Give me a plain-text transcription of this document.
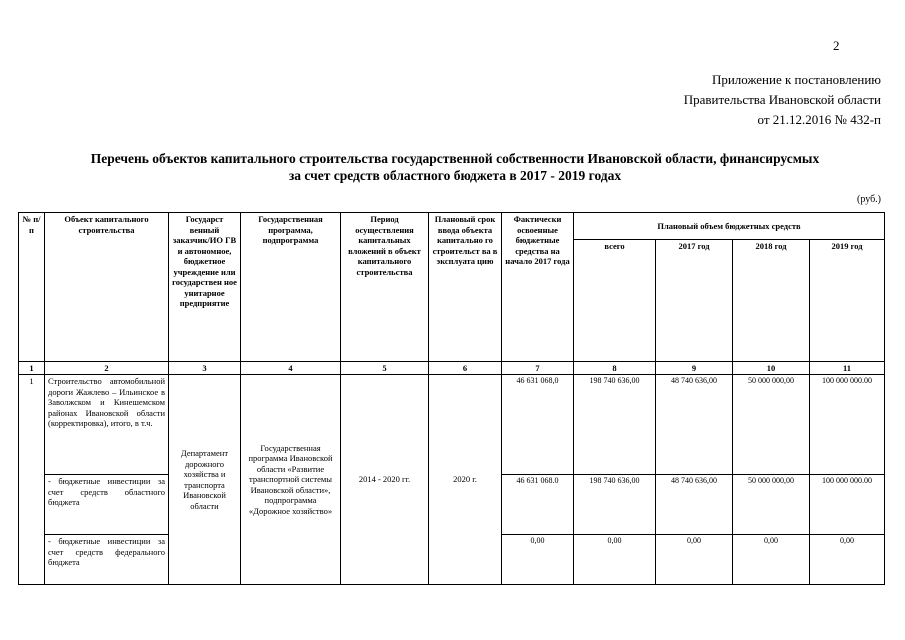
2
Приложение к постановлению
Правительства Ивановской области
от 21.12.2016 № 432-п
Перечень объектов капитального строительства государственной собственности Ивановской области, финансирусмых
за счет средств областного бюджета в 2017 - 2019 годах
(руб.)
№ п/п	Объект капитального строительства	Государст венный заказчик/ИО ГВ и автономное, бюджетное учреждение или государствен ное унитарное предприятие	Государственная программа, подпрограмма	Период осуществления капитальных вложений в объект капитального строительства	Плановый срок ввода объекта капитально го строительст ва в эксплуата цию	Фактически освоенные бюджетные средства на начало 2017 года	Плановый объем бюджетных средств			
							всего	2017 год	2018 год	2019 год
1	2	3	4	5	6	7	8	9	10	11
1	Строительство автомобильной дороги Жажлево – Ильинское в Заволжском и Кинешемском районах Ивановской области (корректировка), итого, в т.ч.	Департамент дорожного хозяйства и транспорта Ивановской области	Государственная программа Ивановской области «Развитие транспортной системы Ивановской области», подпрограмма «Дорожное хозяйство»	2014 - 2020 гг.	2020 г.	46 631 068,0	198 740 636,00	48 740 636,00	50 000 000,00	100 000 000.00
	- бюджетные инвестиции за счет средств областного бюджета					46 631 068.0	198 740 636,00	48 740 636,00	50 000 000,00	100 000 000.00
	- бюджетные инвестиции за счет средств федерального бюджета					0,00	0,00	0,00	0,00	0,00
